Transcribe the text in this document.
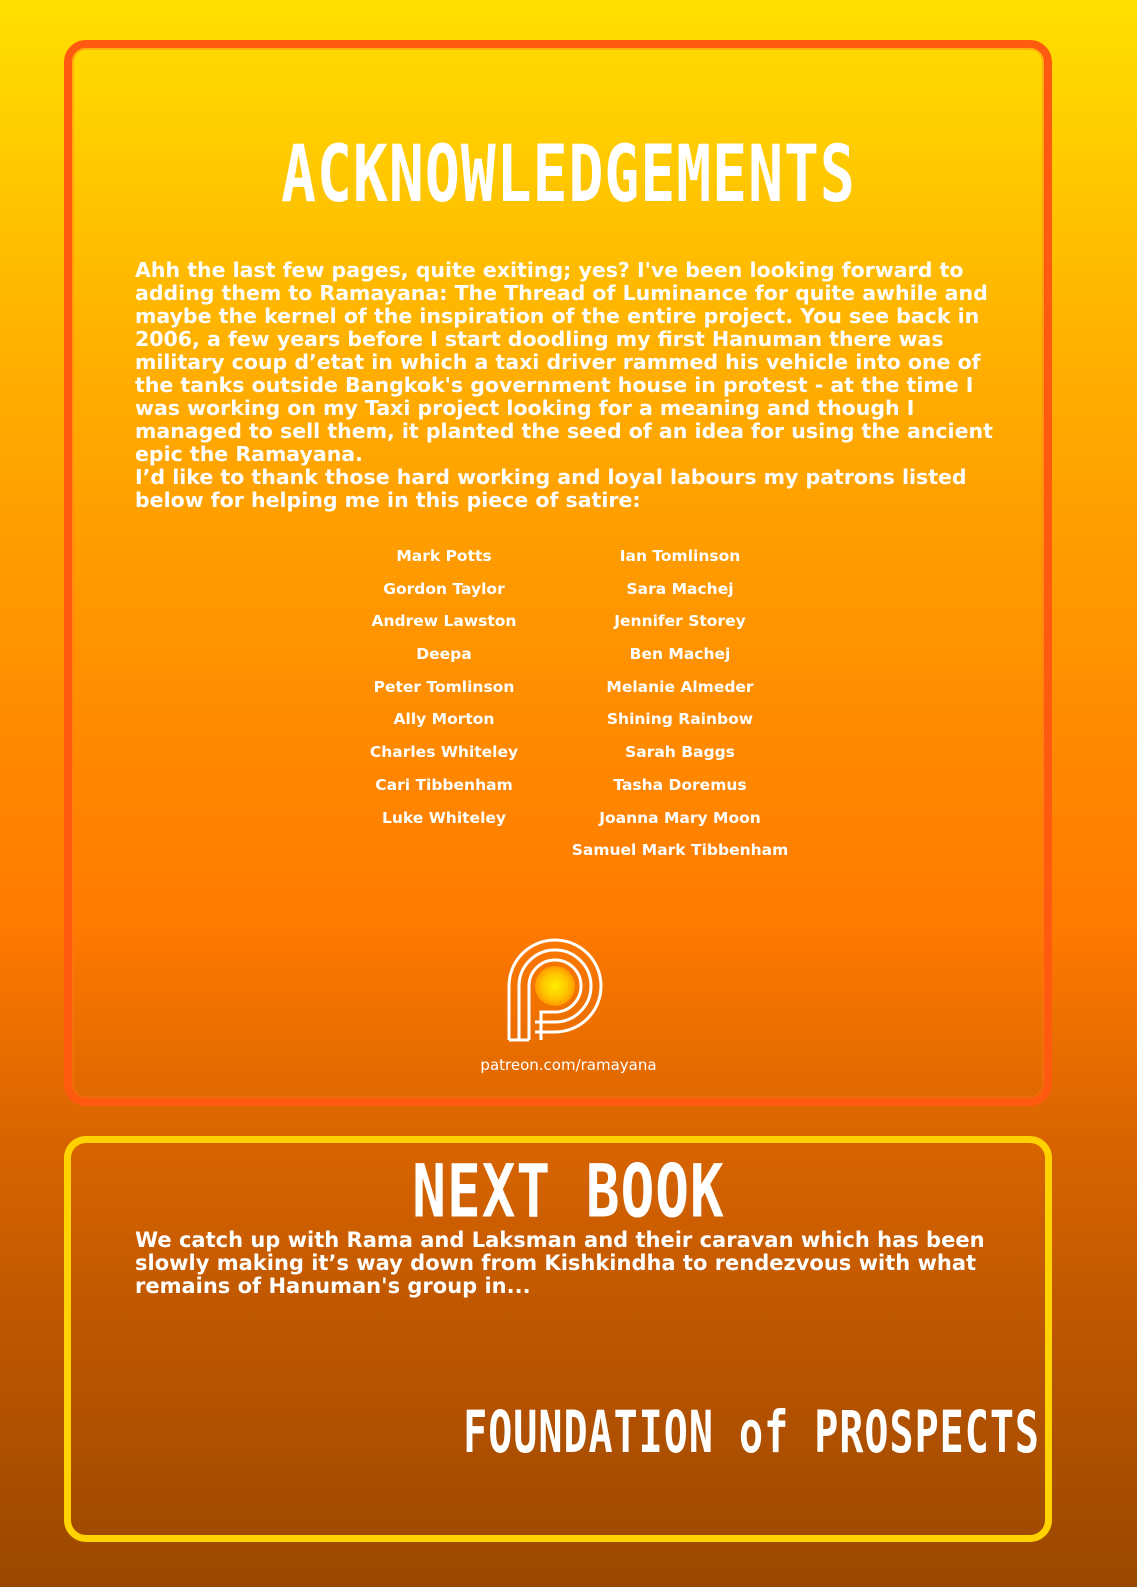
ACKNOWLEDGEMENTS

Ahh the last few pages, quite exiting; yes? I've been looking forward to adding them to Ramayana: The Thread of Luminance for quite awhile and maybe the kernel of the inspiration of the entire project. You see back in 2006, a few years before I start doodling my first Hanuman there was military coup d’etat in which a taxi driver rammed his vehicle into one of the tanks outside Bangkok's government house in protest - at the time I was working on my Taxi project looking for a meaning and though I managed to sell them, it planted the seed of an idea for using the ancient epic the Ramayana.

I’d like to thank those hard working and loyal labours my patrons listed below for helping me in this piece of satire:

Mark Potts
Gordon Taylor
Andrew Lawston
Deepa
Peter Tomlinson
Ally Morton
Charles Whiteley
Cari Tibbenham
Luke Whiteley
Ian Tomlinson
Sara Machej
Jennifer Storey
Ben Machej
Melanie Almeder
Shining Rainbow
Sarah Baggs
Tasha Doremus
Joanna Mary Moon
Samuel Mark Tibbenham

patreon.com/ramayana

NEXT BOOK

We catch up with Rama and Laksman and their caravan which has been slowly making it’s way down from Kishkindha to rendezvous with what remains of Hanuman's group in...

FOUNDATION of PROSPECTS
